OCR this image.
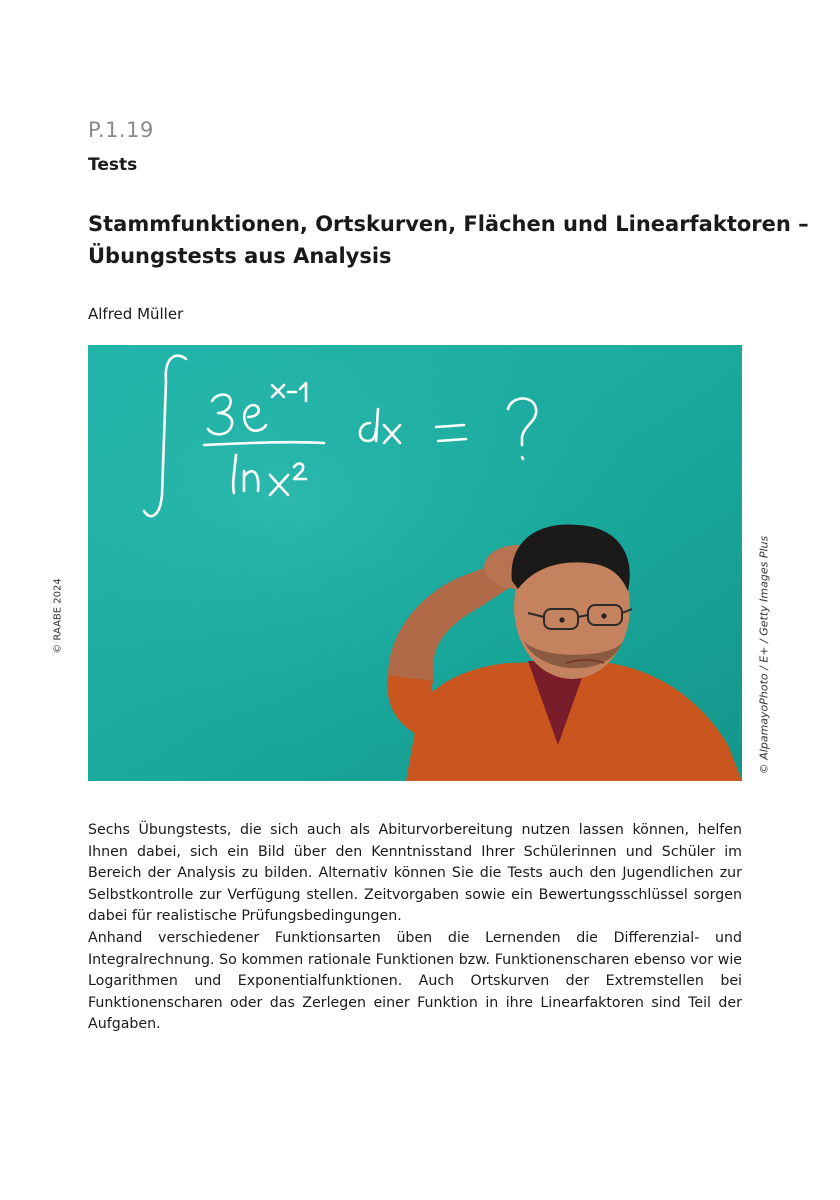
P.1.19
Tests
Stammfunktionen, Ortskurven, Flächen und Linearfaktoren –
Übungstests aus Analysis
Alfred Müller
© RAABE 2024	© AlpamayoPhoto / E+ / Getty Images Plus

Sechs Übungstests, die sich auch als Abiturvorbereitung nutzen lassen können, helfen Ihnen dabei, sich ein Bild über den Kenntnisstand Ihrer Schülerinnen und Schüler im Bereich der Analysis zu bilden. Alternativ können Sie die Tests auch den Jugendlichen zur Selbstkontrolle zur Verfügung stellen. Zeitvorgaben sowie ein Bewertungsschlüssel sorgen dabei für realistische Prüfungsbedingungen.

Anhand verschiedener Funktionsarten üben die Lernenden die Differenzial- und Integralrechnung. So kommen rationale Funktionen bzw. Funktionenscharen ebenso vor wie Logarithmen und Exponentialfunktionen. Auch Ortskurven der Extremstellen bei Funktionenscharen oder das Zerlegen einer Funktion in ihre Linearfaktoren sind Teil der Aufgaben.
